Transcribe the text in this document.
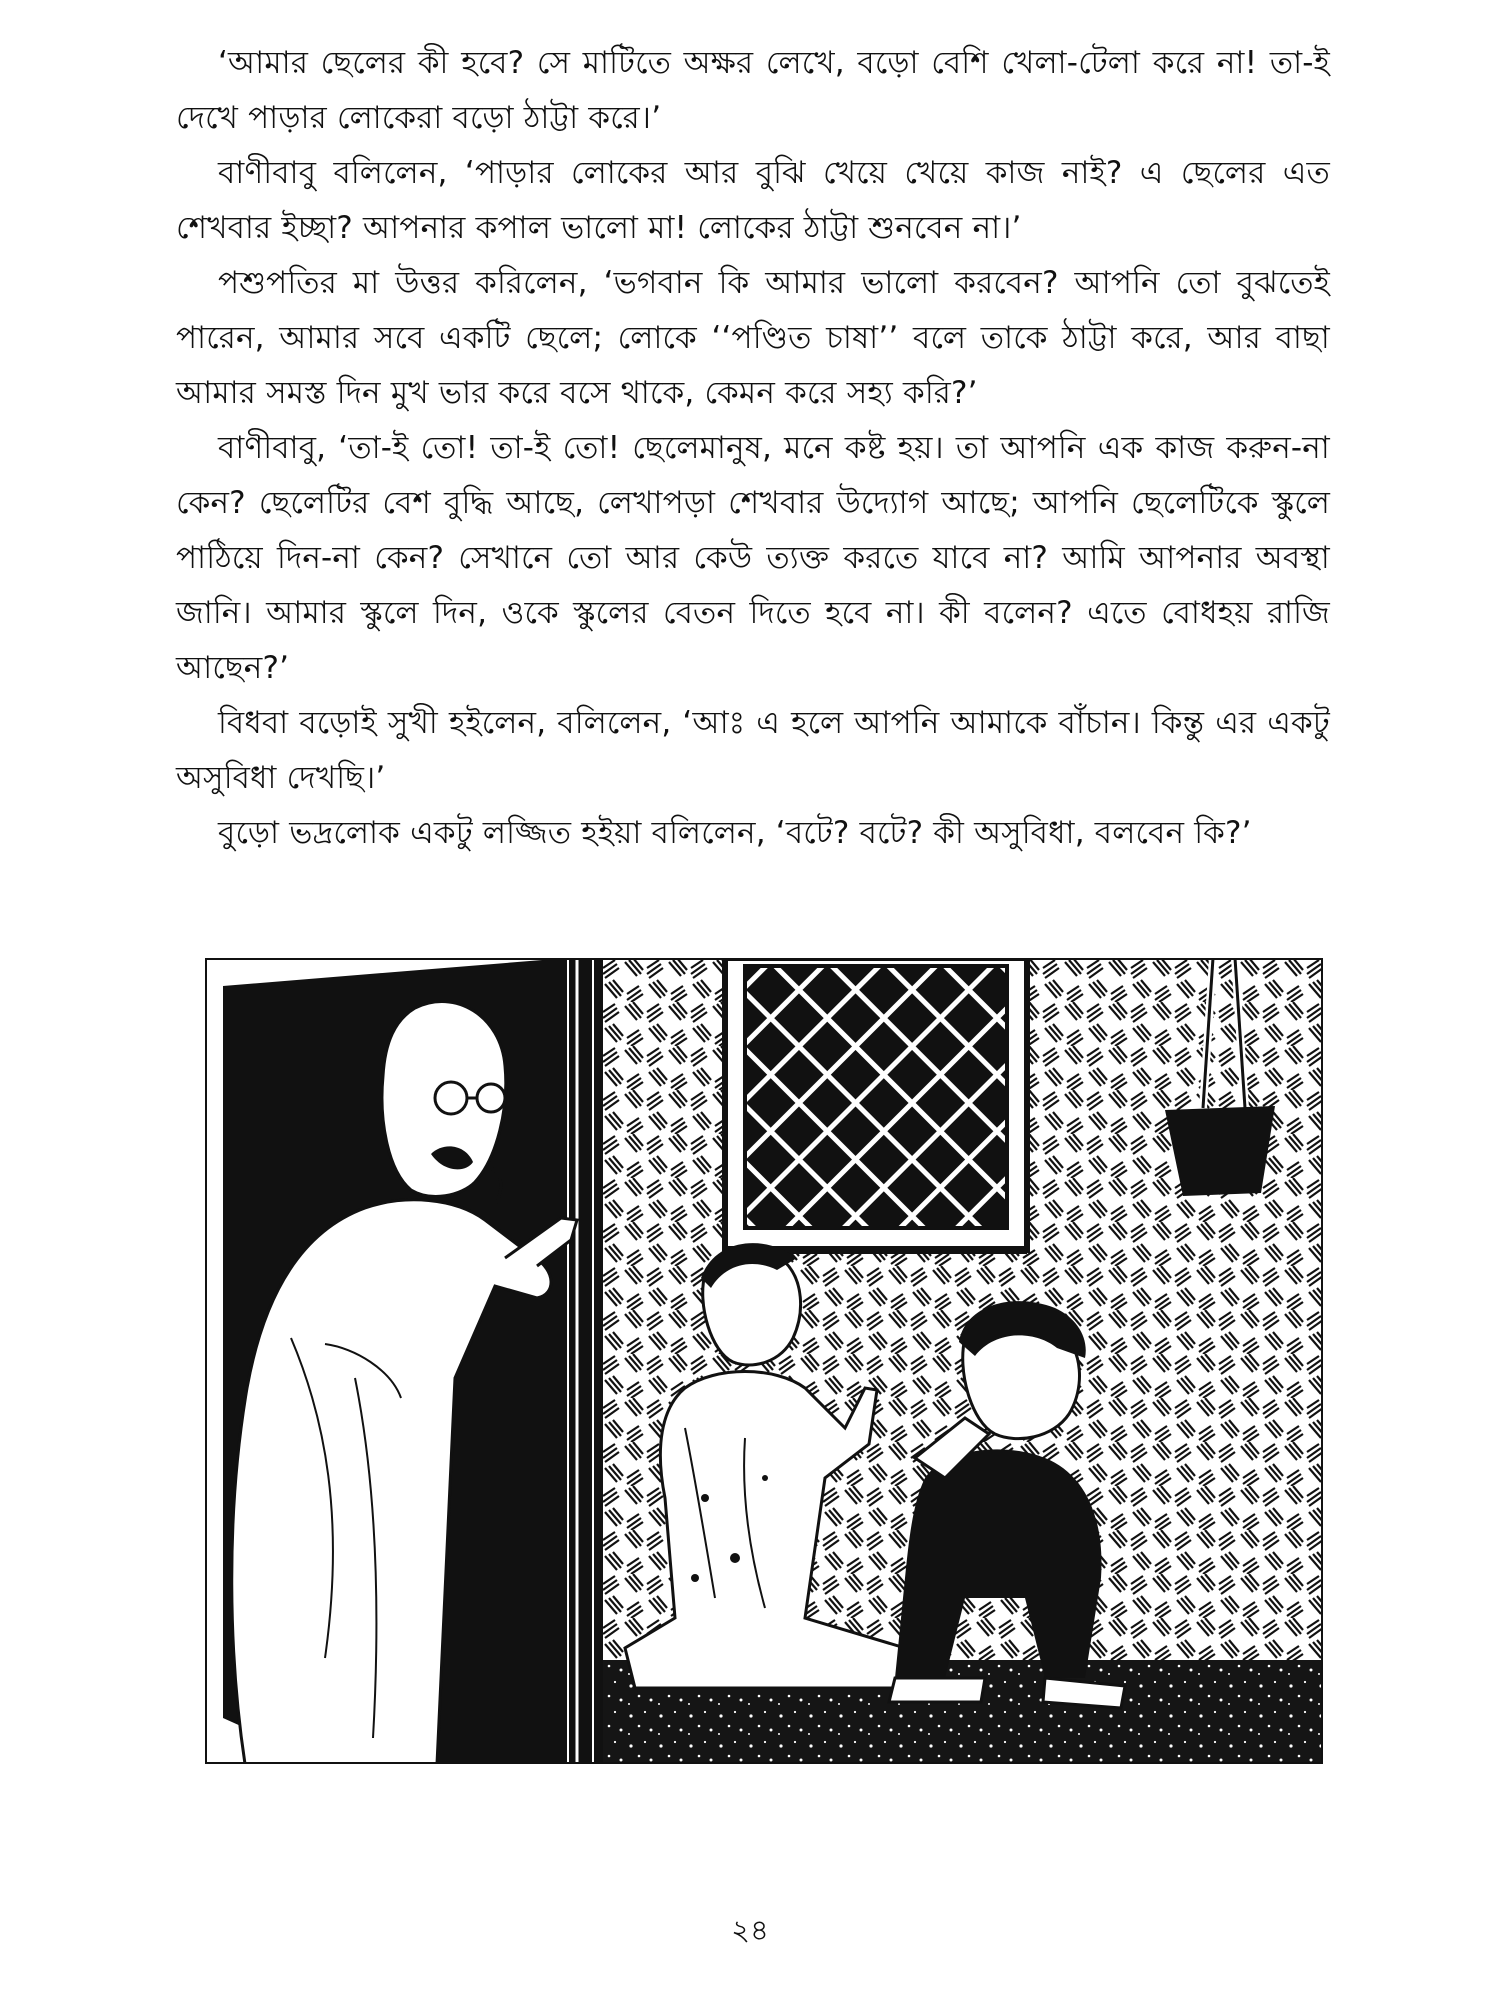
‘আমার ছেলের কী হবে? সে মাটিতে অক্ষর লেখে, বড়ো বেশি খেলা-টেলা করে না! তা-ই দেখে পাড়ার লোকেরা বড়ো ঠাট্টা করে।’

বাণীবাবু বলিলেন, ‘পাড়ার লোকের আর বুঝি খেয়ে খেয়ে কাজ নাই? এ ছেলের এত শেখবার ইচ্ছা? আপনার কপাল ভালো মা! লোকের ঠাট্টা শুনবেন না।’

পশুপতির মা উত্তর করিলেন, ‘ভগবান কি আমার ভালো করবেন? আপনি তো বুঝতেই পারেন, আমার সবে একটি ছেলে; লোকে ‘‘পণ্ডিত চাষা’’ বলে তাকে ঠাট্টা করে, আর বাছা আমার সমস্ত দিন মুখ ভার করে বসে থাকে, কেমন করে সহ্য করি?’

বাণীবাবু, ‘তা-ই তো! তা-ই তো! ছেলেমানুষ, মনে কষ্ট হয়। তা আপনি এক কাজ করুন-না কেন? ছেলেটির বেশ বুদ্ধি আছে, লেখাপড়া শেখবার উদ্যোগ আছে; আপনি ছেলেটিকে স্কুলে পাঠিয়ে দিন-না কেন? সেখানে তো আর কেউ ত্যক্ত করতে যাবে না? আমি আপনার অবস্থা জানি। আমার স্কুলে দিন, ওকে স্কুলের বেতন দিতে হবে না। কী বলেন? এতে বোধহয় রাজি আছেন?’

বিধবা বড়োই সুখী হইলেন, বলিলেন, ‘আঃ এ হলে আপনি আমাকে বাঁচান। কিন্তু এর একটু অসুবিধা দেখছি।’

বুড়ো ভদ্রলোক একটু লজ্জিত হইয়া বলিলেন, ‘বটে? বটে? কী অসুবিধা, বলবেন কি?’

২৪
